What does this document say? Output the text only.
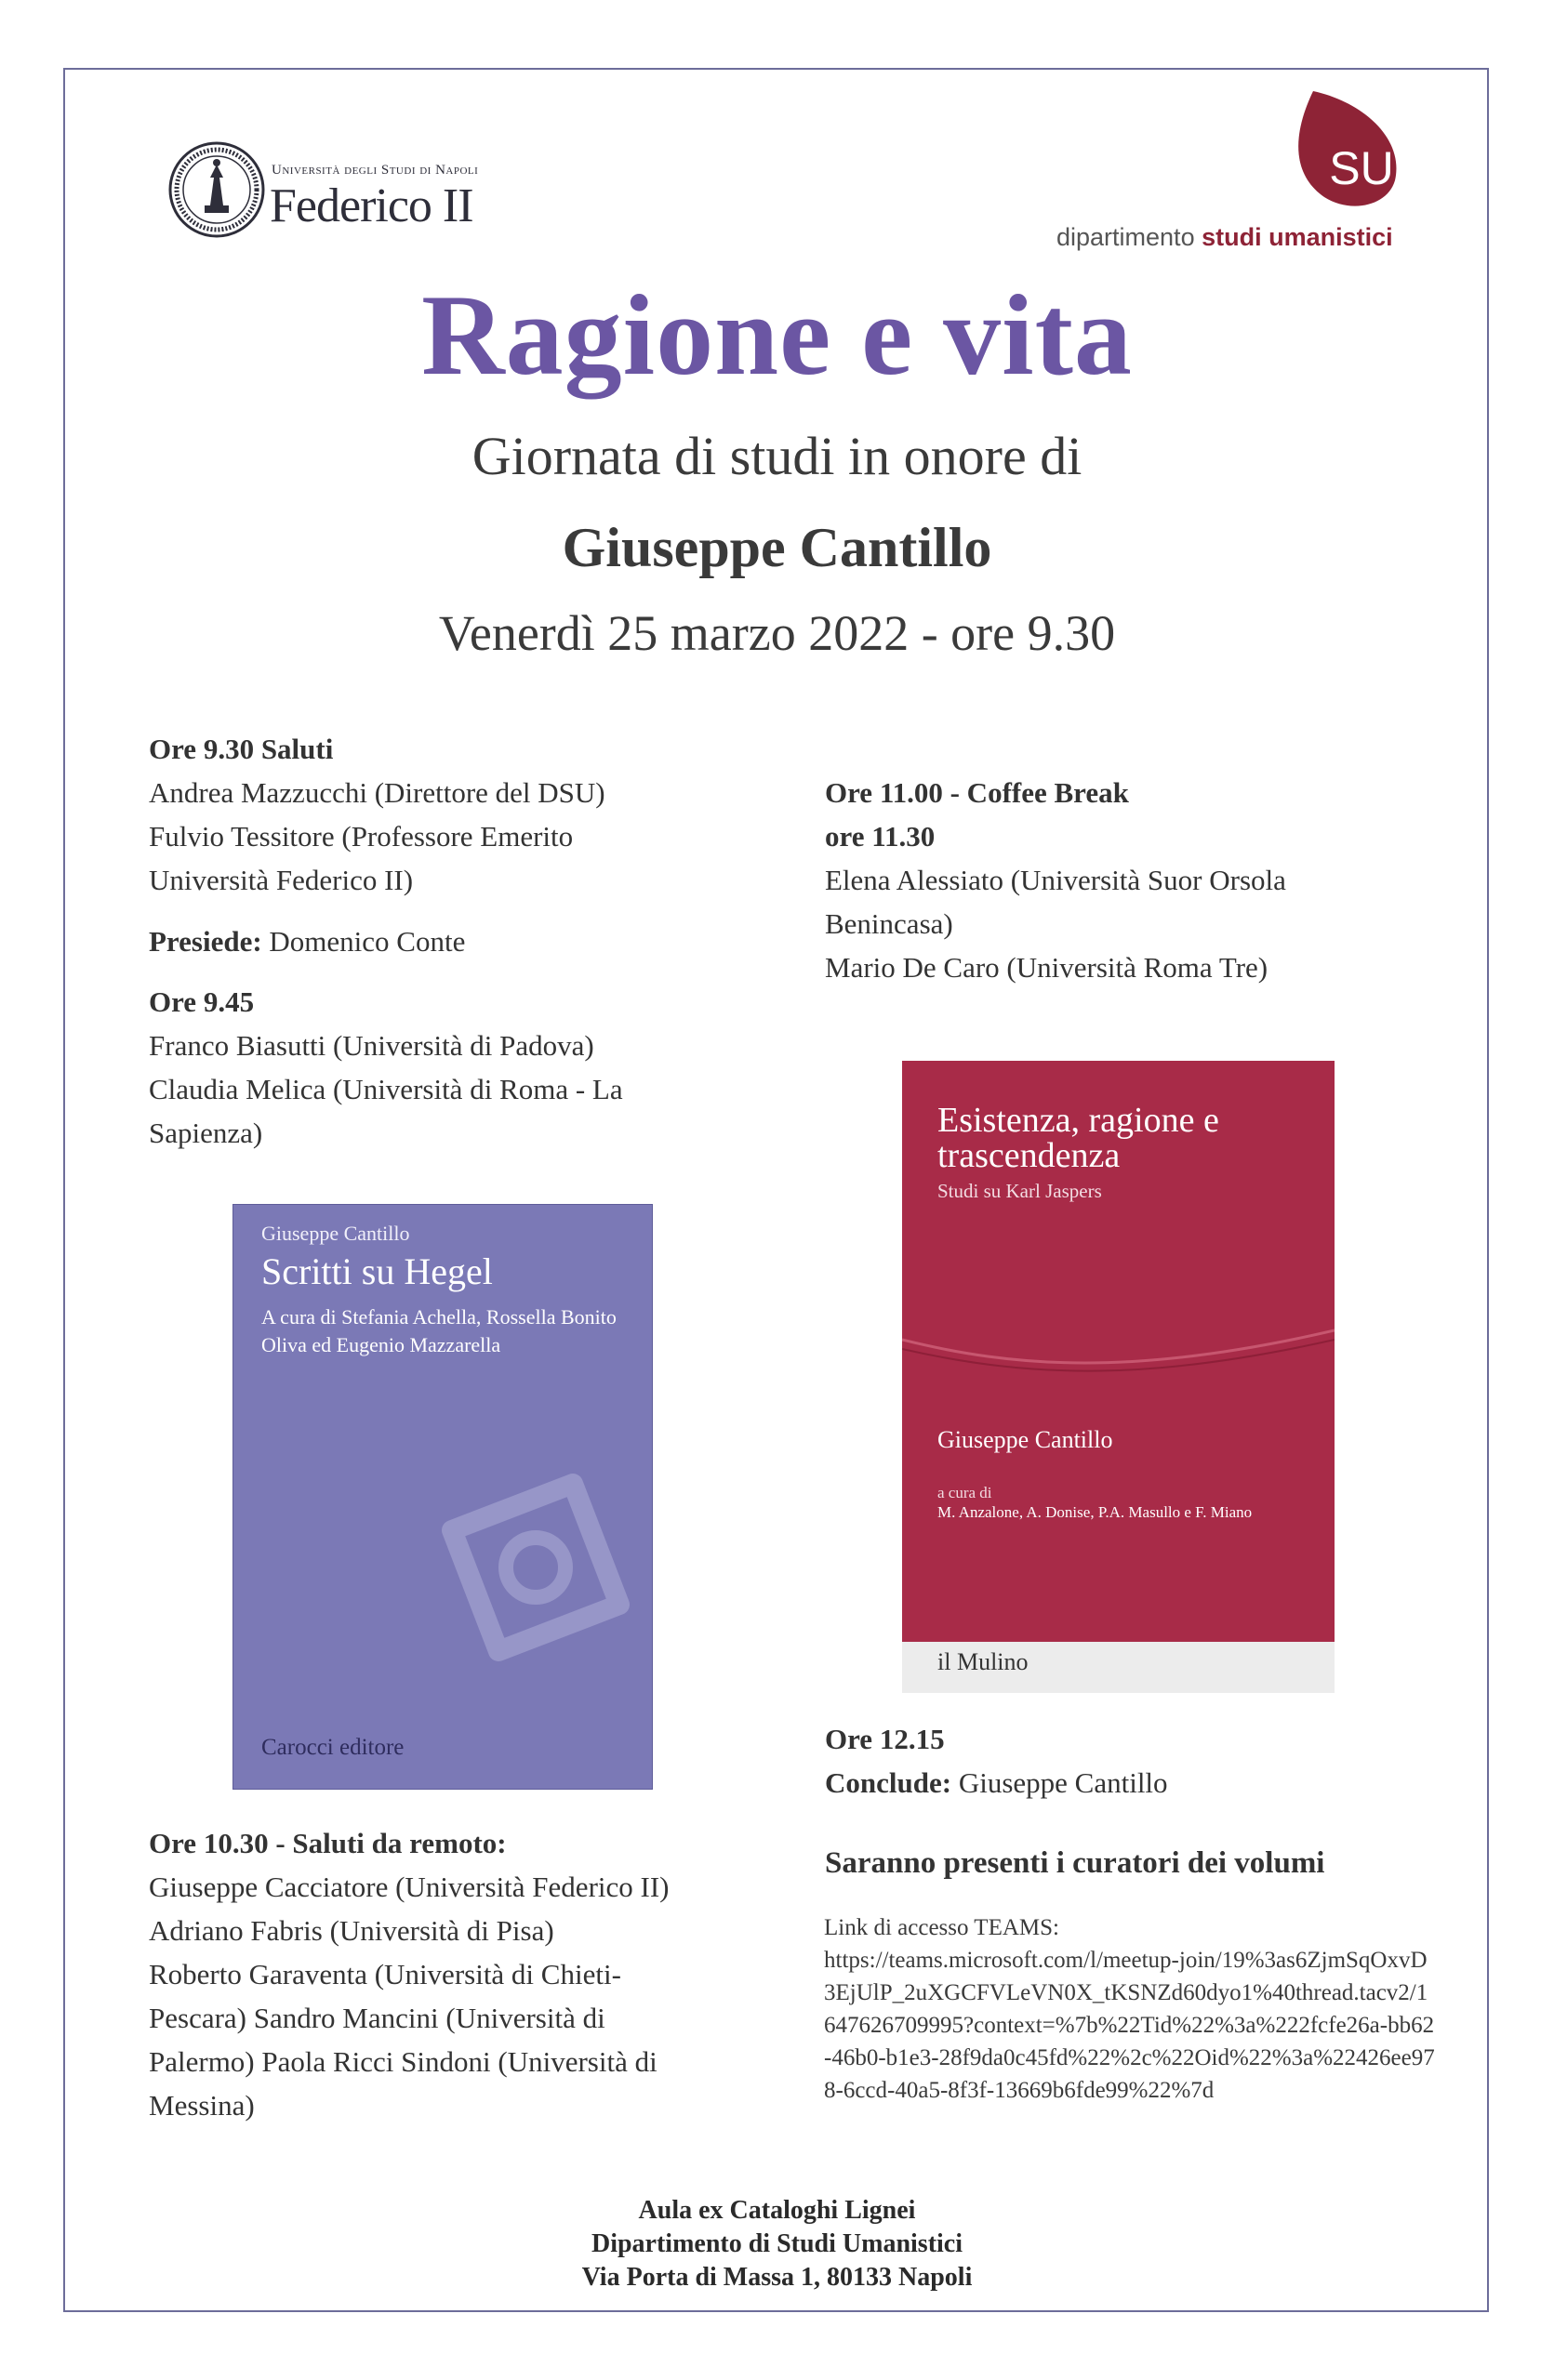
Università degli Studi di Napoli
Federico II
SU
dipartimento studi umanistici
Ragione e vita
Giornata di studi in onore di
Giuseppe Cantillo
Venerdì 25 marzo 2022 - ore 9.30
Ore 9.30 Saluti
Andrea Mazzucchi (Direttore del DSU)
Fulvio Tessitore (Professore Emerito
Università Federico II)
Presiede: Domenico Conte
Ore 9.45
Franco Biasutti (Università di Padova)
Claudia Melica (Università di Roma - La
Sapienza)
Giuseppe Cantillo
Scritti su Hegel
A cura di Stefania Achella, Rossella Bonito Oliva ed Eugenio Mazzarella
Carocci editore
Ore 10.30 - Saluti da remoto:
Giuseppe Cacciatore (Università Federico II)
Adriano Fabris (Università di Pisa)
Roberto Garaventa (Università di Chieti-
Pescara) Sandro Mancini (Università di
Palermo) Paola Ricci Sindoni (Università di
Messina)
Ore 11.00 - Coffee Break
ore 11.30
Elena Alessiato (Università Suor Orsola
Benincasa)
Mario De Caro (Università Roma Tre)
Esistenza, ragione e trascendenza
Studi su Karl Jaspers
Giuseppe Cantillo
a cura di
M. Anzalone, A. Donise, P.A. Masullo e F. Miano
il Mulino
Ore 12.15
Conclude: Giuseppe Cantillo
Saranno presenti i curatori dei volumi
Link di accesso TEAMS:
https://teams.microsoft.com/l/meetup-join/19%3as6ZjmSqOxvD3EjUlP_2uXGCFVLeVN0X_tKSNZd60dyo1%40thread.tacv2/1647626709995?context=%7b%22Tid%22%3a%222fcfe26a-bb62-46b0-b1e3-28f9da0c45fd%22%2c%22Oid%22%3a%22426ee978-6ccd-40a5-8f3f-13669b6fde99%22%7d
Aula ex Cataloghi Lignei
Dipartimento di Studi Umanistici
Via Porta di Massa 1, 80133 Napoli
